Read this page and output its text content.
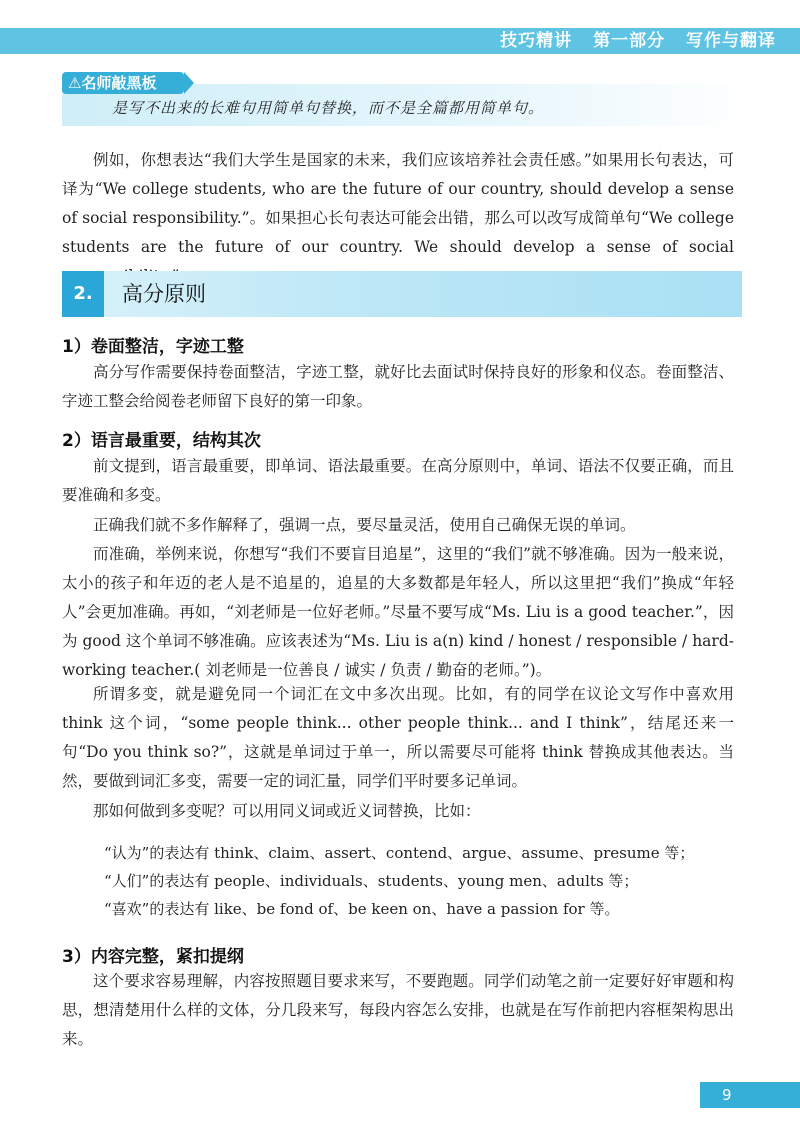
技巧精讲 第一部分 写作与翻译
⚠名师敲黑板
是写不出来的长难句用简单句替换，而不是全篇都用简单句。
例如，你想表达“我们大学生是国家的未来，我们应该培养社会责任感。”如果用长句表达，可译为“We college students, who are the future of our country, should develop a sense of social responsibility.”。如果担心长句表达可能会出错，那么可以改写成简单句“We college students are the future of our country. We should develop a sense of social
2.	高分原则
1）卷面整洁，字迹工整
高分写作需要保持卷面整洁，字迹工整，就好比去面试时保持良好的形象和仪态。卷面整洁、字迹工整会给阅卷老师留下良好的第一印象。
2）语言最重要，结构其次
前文提到，语言最重要，即单词、语法最重要。在高分原则中，单词、语法不仅要正确，而且要准确和多变。
正确我们就不多作解释了，强调一点，要尽量灵活，使用自己确保无误的单词。
而准确，举例来说，你想写“我们不要盲目追星”，这里的“我们”就不够准确。因为一般来说，太小的孩子和年迈的老人是不追星的，追星的大多数都是年轻人，所以这里把“我们”换成“年轻人”会更加准确。再如，“刘老师是一位好老师。”尽量不要写成“Ms. Liu is a good teacher.”，因为 good 这个单词不够准确。应该表述为“Ms. Liu is a(n) kind / honest / responsible / hard-working teacher.( 刘老师是一位善良 / 诚实 / 负责 / 勤奋的老师。”)。
所谓多变，就是避免同一个词汇在文中多次出现。比如，有的同学在议论文写作中喜欢用 think 这个词，“some people think... other people think... and I think”，结尾还来一句“Do you think so?”，这就是单词过于单一，所以需要尽可能将 think 替换成其他表达。当然，要做到词汇多变，需要一定的词汇量，同学们平时要多记单词。
那如何做到多变呢？可以用同义词或近义词替换，比如：
“认为”的表达有 think、claim、assert、contend、argue、assume、presume 等；
“人们”的表达有 people、individuals、students、young men、adults 等；
“喜欢”的表达有 like、be fond of、be keen on、have a passion for 等。
3）内容完整，紧扣提纲
这个要求容易理解，内容按照题目要求来写，不要跑题。同学们动笔之前一定要好好审题和构思，想清楚用什么样的文体，分几段来写，每段内容怎么安排，也就是在写作前把内容框架构思出来。
9
